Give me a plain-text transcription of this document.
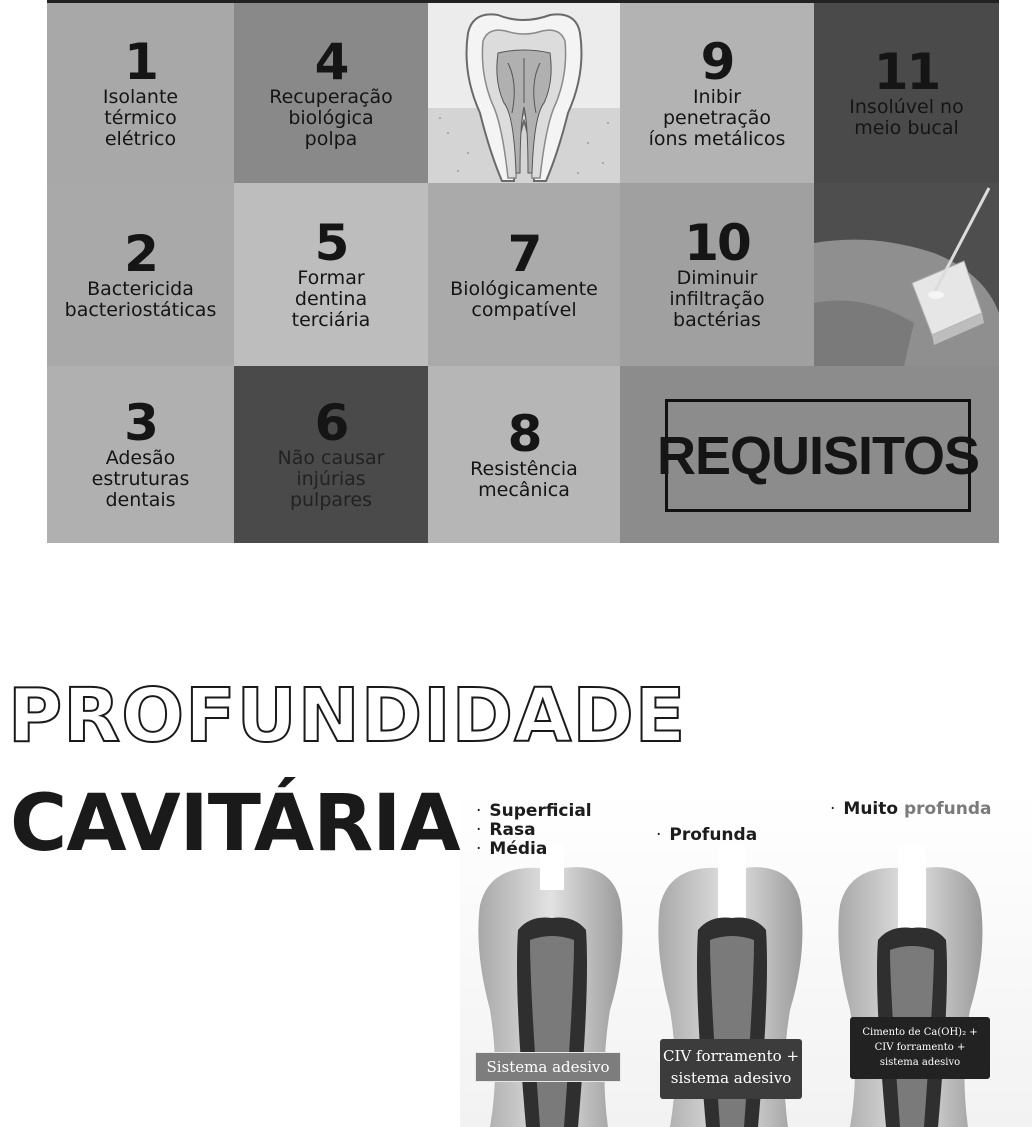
1
Isolante
térmico
elétrico
4
Recuperação
biológica
polpa
9
Inibir
penetração
íons metálicos
11
Insolúvel no
meio bucal
2
Bactericida
bacteriostáticas
5
Formar
dentina
terciária
7
Biológicamente
compatível
10
Diminuir
infiltração
bactérias
3
Adesão
estruturas
dentais
6
Não causar
injúrias
pulpares
8
Resistência
mecânica
REQUISITOS
PROFUNDIDADE
CAVITÁRIA · Superficial
· Rasa
· Média
· Profunda
· Muito profunda
Sistema adesivo
CIV forramento +
sistema adesivo
Cimento de Ca(OH)₂ +
CIV forramento +
sistema adesivo
